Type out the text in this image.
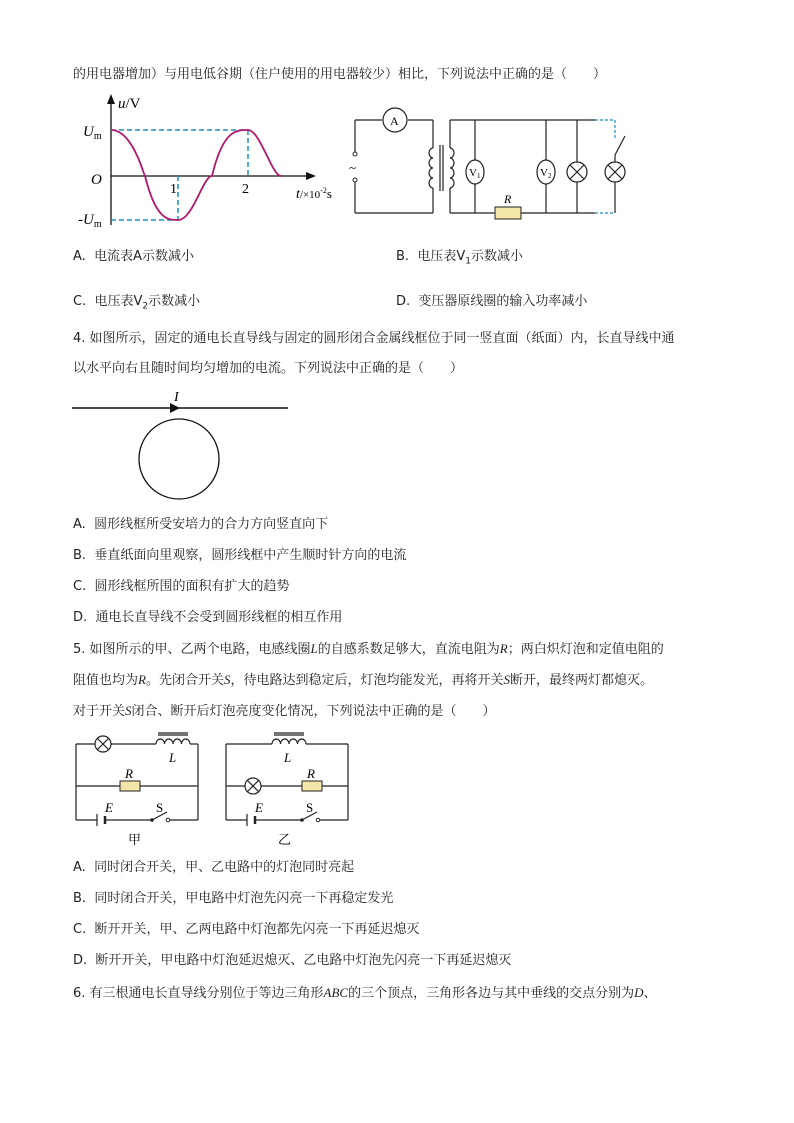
的用电器增加）与用电低谷期（住户使用的用电器较少）相比，下列说法中正确的是（　　）
u/V
$U_m$
O
$-U_m$
1	2	$t/\times 10^{-2}s$
~
A
V1	V2
R
A. 电流表A示数减小	B. 电压表$V_1$示数减小
C. 电压表$V_2$示数减小	D. 变压器原线圈的输入功率减小
4. 如图所示，固定的通电长直导线与固定的圆形闭合金属线框位于同一竖直面（纸面）内，长直导线中通
以水平向右且随时间均匀增加的电流。下列说法中正确的是（　　）
I
A. 圆形线框所受安培力的合力方向竖直向下
B. 垂直纸面向里观察，圆形线框中产生顺时针方向的电流
C. 圆形线框所围的面积有扩大的趋势
D. 通电长直导线不会受到圆形线框的相互作用
5. 如图所示的甲、乙两个电路，电感线圈L的自感系数足够大，直流电阻为R；两白炽灯泡和定值电阻的
阻值也均为R。先闭合开关S，待电路达到稳定后，灯泡均能发光，再将开关S断开，最终两灯都熄灭。
对于开关S闭合、断开后灯泡亮度变化情况，下列说法中正确的是（　　）
L
R
E	S
甲
L
R
E	S
乙
A. 同时闭合开关，甲、乙电路中的灯泡同时亮起
B. 同时闭合开关，甲电路中灯泡先闪亮一下再稳定发光
C. 断开开关，甲、乙两电路中灯泡都先闪亮一下再延迟熄灭
D. 断开开关，甲电路中灯泡延迟熄灭、乙电路中灯泡先闪亮一下再延迟熄灭
6. 有三根通电长直导线分别位于等边三角形ABC的三个顶点，三角形各边与其中垂线的交点分别为D、
